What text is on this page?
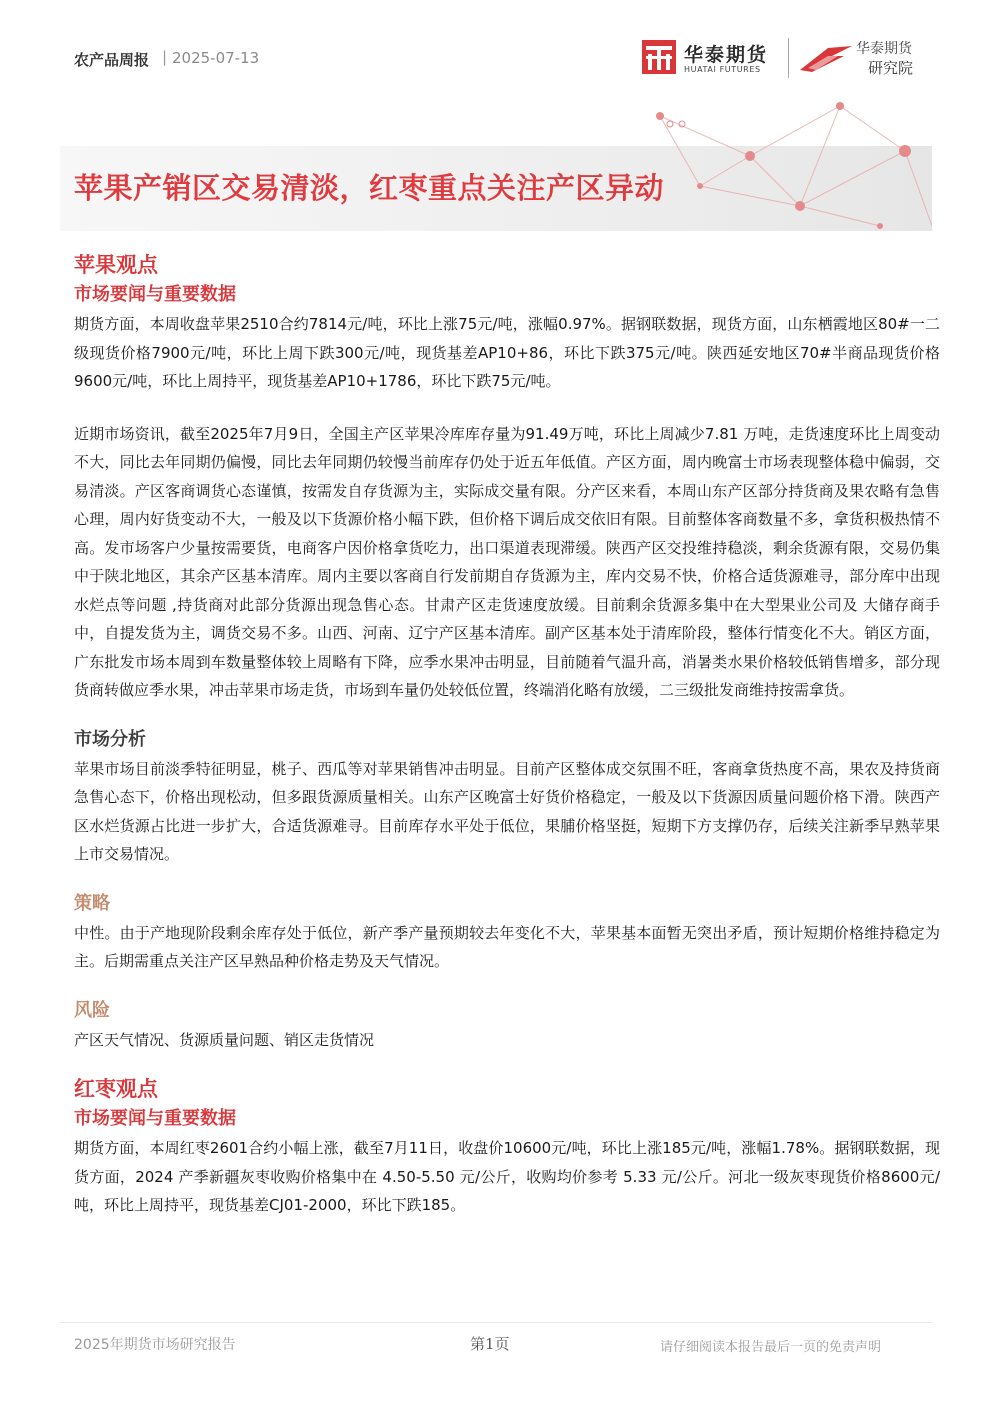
农产品周报 | 2025-07-13	华泰期货
HUATAI FUTURES
华泰期货
研究院
苹果产销区交易清淡，红枣重点关注产区异动
苹果观点
市场要闻与重要数据

期货方面，本周收盘苹果2510合约7814元/吨，环比上涨75元/吨，涨幅0.97%。据钢联数据，现货方面，山东栖霞地区80#一二级现货价格7900元/吨，环比上周下跌300元/吨，现货基差AP10+86，环比下跌375元/吨。陕西延安地区70#半商品现货价格9600元/吨，环比上周持平，现货基差AP10+1786，环比下跌75元/吨。

近期市场资讯，截至2025年7月9日，全国主产区苹果冷库库存量为91.49万吨，环比上周减少7.81 万吨，走货速度环比上周变动不大，同比去年同期仍偏慢，同比去年同期仍较慢当前库存仍处于近五年低值。产区方面，周内晚富士市场表现整体稳中偏弱，交易清淡。产区客商调货心态谨慎，按需发自存货源为主，实际成交量有限。分产区来看，本周山东产区部分持货商及果农略有急售心理，周内好货变动不大，一般及以下货源价格小幅下跌，但价格下调后成交依旧有限。目前整体客商数量不多，拿货积极热情不高。发市场客户少量按需要货，电商客户因价格拿货吃力，出口渠道表现滞缓。陕西产区交投维持稳淡，剩余货源有限，交易仍集中于陕北地区，其余产区基本清库。周内主要以客商自行发前期自存货源为主，库内交易不快，价格合适货源难寻，部分库中出现水烂点等问题 ,持货商对此部分货源出现急售心态。甘肃产区走货速度放缓。目前剩余货源多集中在大型果业公司及 大储存商手中，自提发货为主，调货交易不多。山西、河南、辽宁产区基本清库。副产区基本处于清库阶段，整体行情变化不大。销区方面，广东批发市场本周到车数量整体较上周略有下降，应季水果冲击明显，目前随着气温升高，消暑类水果价格较低销售增多，部分现货商转做应季水果，冲击苹果市场走货，市场到车量仍处较低位置，终端消化略有放缓，二三级批发商维持按需拿货。

市场分析

苹果市场目前淡季特征明显，桃子、西瓜等对苹果销售冲击明显。目前产区整体成交氛围不旺，客商拿货热度不高，果农及持货商急售心态下，价格出现松动，但多跟货源质量相关。山东产区晚富士好货价格稳定，一般及以下货源因质量问题价格下滑。陕西产区水烂货源占比进一步扩大，合适货源难寻。目前库存水平处于低位，果脯价格坚挺，短期下方支撑仍存，后续关注新季早熟苹果上市交易情况。

策略

中性。由于产地现阶段剩余库存处于低位，新产季产量预期较去年变化不大，苹果基本面暂无突出矛盾，预计短期价格维持稳定为主。后期需重点关注产区早熟品种价格走势及天气情况。

风险

产区天气情况、货源质量问题、销区走货情况

红枣观点
市场要闻与重要数据

期货方面，本周红枣2601合约小幅上涨，截至7月11日，收盘价10600元/吨，环比上涨185元/吨，涨幅1.78%。据钢联数据，现货方面，2024 产季新疆灰枣收购价格集中在 4.50-5.50 元/公斤，收购均价参考 5.33 元/公斤。河北一级灰枣现货价格8600元/吨，环比上周持平，现货基差CJ01-2000，环比下跌185。

2025年期货市场研究报告	第1页	请仔细阅读本报告最后一页的免责声明
